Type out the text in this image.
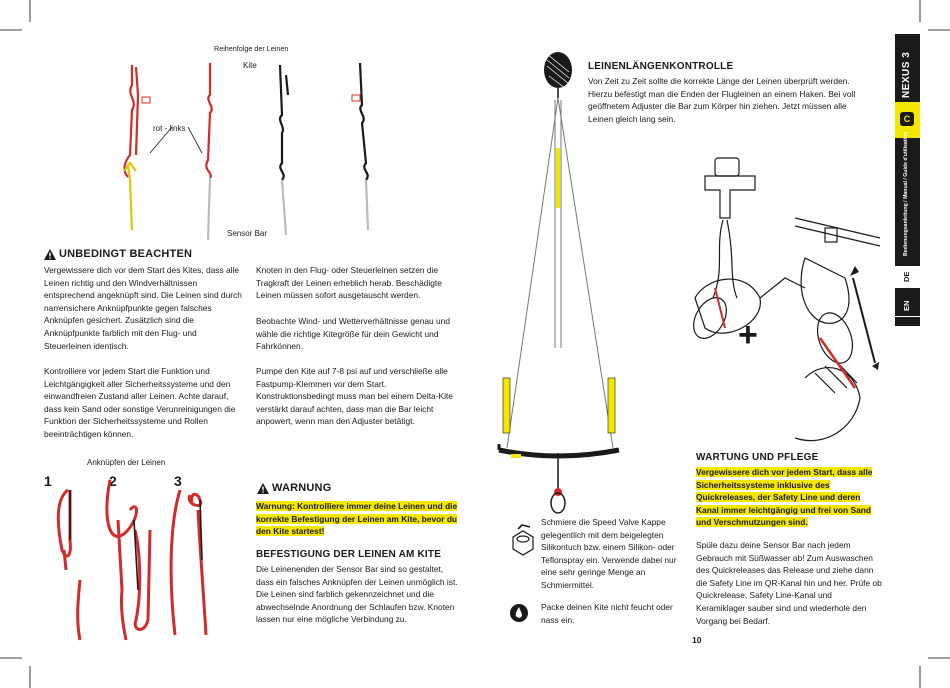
Reihenfolge der Leinen
Kite
rot - links
Sensor Bar
UNBEDINGT BEACHTEN
Vergewissere dich vor dem Start des Kites, dass alle Leinen richtig und den Windverhältnissen entsprechend angeknüpft sind. Die Leinen sind durch narrensichere Anknüpfpunkte gegen falsches Anknüpfen gesichert. Zusätzlich sind die Anknüpfpunkte farblich mit den Flug- und Steuerleinen identisch.
Kontrolliere vor jedem Start die Funktion und Leichtgängigkeit aller Sicherheitssysteme und den einwandfreien Zustand aller Leinen. Achte darauf, dass kein Sand oder sonstige Verunreinigungen die Funktion der Sicherheitssysteme und Rollen beeinträchtigen können.
Knoten in den Flug- oder Steuerleinen setzen die Tragkraft der Leinen erheblich herab. Beschädigte Leinen müssen sofort ausgetauscht werden.
Beobachte Wind- und Wetterverhältnisse genau und wähle die richtige Kitegröße für dein Gewicht und Fahrkönnen.
Pumpe den Kite auf 7-8 psi auf und verschließe alle Fastpump-Klemmen vor dem Start. Konstruktionsbedingt muss man bei einem Delta-Kite verstärkt darauf achten, dass man die Bar leicht anpowert, wenn man den Adjuster betätigt.
Anknüpfen der Leinen
1	2	3	WARNUNG
Warnung: Kontrolliere immer deine Leinen und die korrekte Befestigung der Leinen am Kite, bevor du den Kite startest!
BEFESTIGUNG DER LEINEN AM KITE
Die Leinenenden der Sensor Bar sind so gestaltet, dass ein falsches Anknüpfen der Leinen unmöglich ist. Die Leinen sind farblich gekennzeichnet und die abwechselnde Anordnung der Schlaufen bzw. Knoten lassen nur eine mögliche Verbindung zu.
LEINENLÄNGENKONTROLLE
Von Zeit zu Zeit sollte die korrekte Länge der Leinen überprüft werden. Hierzu befestigt man die Enden der Flugleinen an einem Haken. Bei voll geöffnetem Adjuster die Bar zum Körper hin ziehen. Jetzt müssen alle Leinen gleich lang sein.
+
Schmiere die Speed Valve Kappe gelegentlich mit dem beigelegten Silikontuch bzw. einem Silikon- oder Teflonspray ein. Verwende dabei nur eine sehr geringe Menge an Schmiermittel.
Packe deinen Kite nicht feucht oder nass ein.
WARTUNG UND PFLEGE
Vergewissere dich vor jedem Start, dass alle Sicherheitssysteme inklusive des Quickreleases, der Safety Line und deren Kanal immer leichtgängig und frei von Sand und Verschmutzungen sind.
Spüle dazu deine Sensor Bar nach jedem Gebrauch mit Süßwasser ab! Zum Auswaschen des Quickreleases das Release und ziehe dann die Safety Line im QR-Kanal hin und her. Prüfe ob Quickrelease, Safety Line-Kanal und Keramiklager sauber sind und wiederhole den Vorgang bei Bedarf.
10
NEXUS 3
C
Bedienungsanleitung / Manual / Guide d'utilisation
DE
EN
FR
